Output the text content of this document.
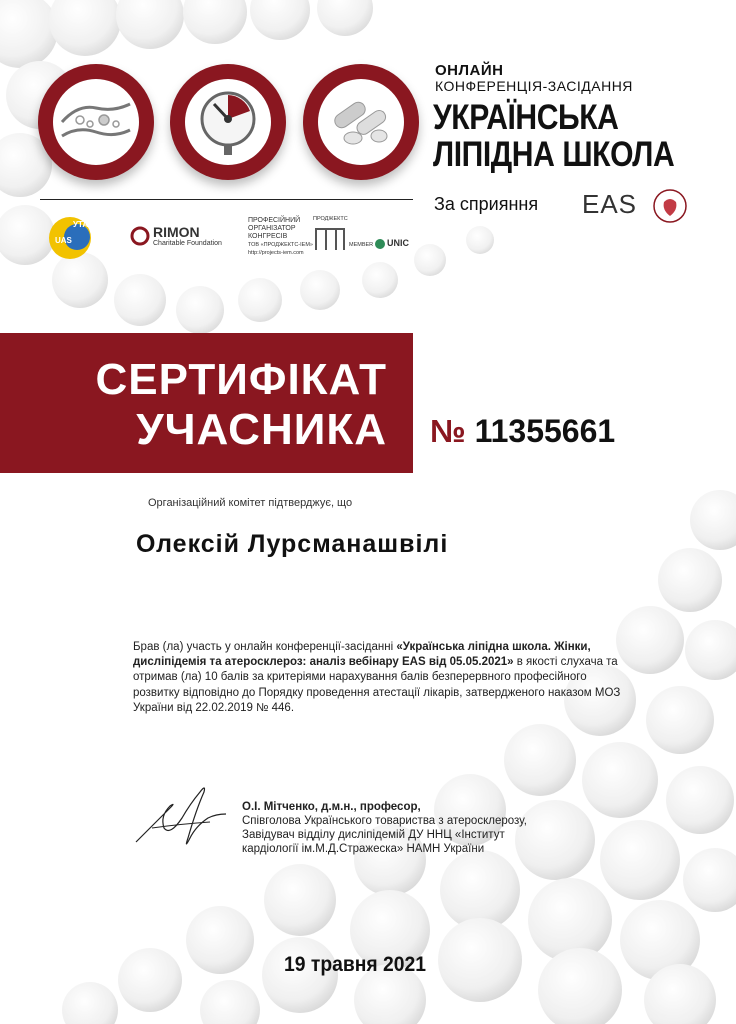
ОНЛАЙН
КОНФЕРЕНЦІЯ-ЗАСІДАННЯ
УКРАЇНСЬКА
ЛІПІДНА ШКОЛА
За сприяння EAS
УТА
UAS
RIMON
Charitable Foundation
ПРОФЕСІЙНИЙ
ОРГАНІЗАТОР
КОНГРЕСІВ
ТОВ «ПРОДЖЕКТС-ІЕМ»
http://projects-iem.com
ПРОДЖЕКТС
MEMBER UNIC
СЕРТИФІКАТ
УЧАСНИКА № 11355661
Організаційний комітет підтверджує, що
Олексій Лурсманашвілі
Брав (ла) участь у онлайн конференції-засіданні «Українська ліпідна школа. Жінки, дисліпідемія та атеросклероз: аналіз вебінару EAS від 05.05.2021» в якості слухача та отримав (ла) 10 балів за критеріями нарахування балів безперервного професійного розвитку відповідно до Порядку проведення атестації лікарів, затвердженого наказом МОЗ України від 22.02.2019 № 446.
О.І. Мітченко, д.м.н., професор,
Співголова Українського товариства з атеросклерозу,
Завідувач відділу дисліпідемій ДУ ННЦ «Інститут
кардіології ім.М.Д.Стражеска» НАМН України
19 травня 2021
